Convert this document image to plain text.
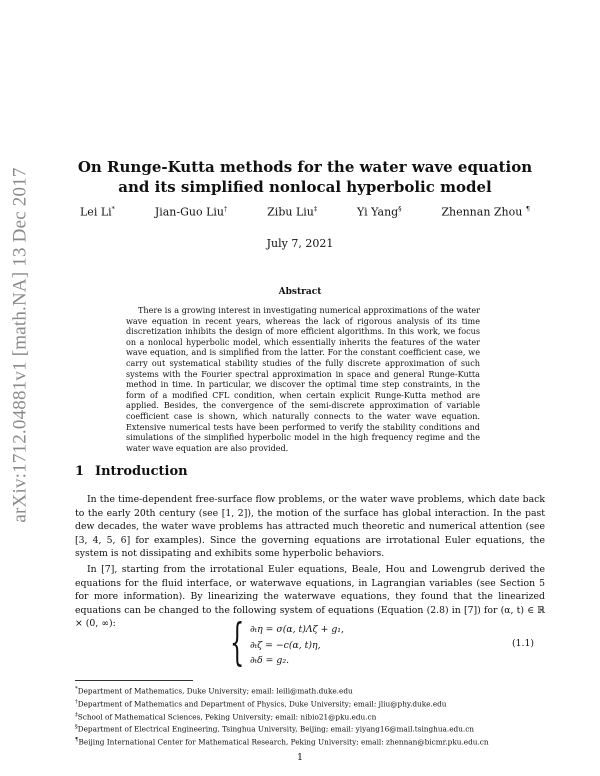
arXiv:1712.04881v1 [math.NA] 13 Dec 2017
On Runge-Kutta methods for the water wave equation and its simplified nonlocal hyperbolic model
Lei Li*	Jian-Guo Liu†	Zibu Liu‡	Yi Yang§	Zhennan Zhou ¶
July 7, 2021
Abstract

There is a growing interest in investigating numerical approximations of the water wave equation in recent years, whereas the lack of rigorous analysis of its time discretization inhibits the design of more efficient algorithms. In this work, we focus on a nonlocal hyperbolic model, which essentially inherits the features of the water wave equation, and is simplified from the latter. For the constant coefficient case, we carry out systematical stability studies of the fully discrete approximation of such systems with the Fourier spectral approximation in space and general Runge-Kutta method in time. In particular, we discover the optimal time step constraints, in the form of a modified CFL condition, when certain explicit Runge-Kutta method are applied. Besides, the convergence of the semi-discrete approximation of variable coefficient case is shown, which naturally connects to the water wave equation. Extensive numerical tests have been performed to verify the stability conditions and simulations of the simplified hyperbolic model in the high frequency regime and the water wave equation are also provided.

1 Introduction

In the time-dependent free-surface flow problems, or the water wave problems, which date back to the early 20th century (see [1, 2]), the motion of the surface has global interaction. In the past dew decades, the water wave problems has attracted much theoretic and numerical attention (see [3, 4, 5, 6] for examples). Since the governing equations are irrotational Euler equations, the system is not dissipating and exhibits some hyperbolic behaviors.

In [7], starting from the irrotational Euler equations, Beale, Hou and Lowengrub derived the equations for the fluid interface, or waterwave equations, in Lagrangian variables (see Section 5 for more information). By linearizing the waterwave equations, they found that the linearized equations can be changed to the following system of equations (Equation (2.8) in [7]) for (α, t) ∈ ℝ × (0, ∞):	{ ∂ₜη = σ(α, t)Λζ + g₁,
∂ₜζ = −c(α, t)η,
∂ₜδ = g₂.
(1.1)
*Department of Mathematics, Duke University; email: leili@math.duke.edu
†Department of Mathematics and Department of Physics, Duke University; email: jliu@phy.duke.edu
‡School of Mathematical Sciences, Peking University; email: nibio21@pku.edu.cn
§Department of Electrical Engineering, Tsinghua University, Beijing; email: yiyang16@mail.tsinghua.edu.cn
¶Beijing International Center for Mathematical Research, Peking University; email: zhennan@bicmr.pku.edu.cn
1
